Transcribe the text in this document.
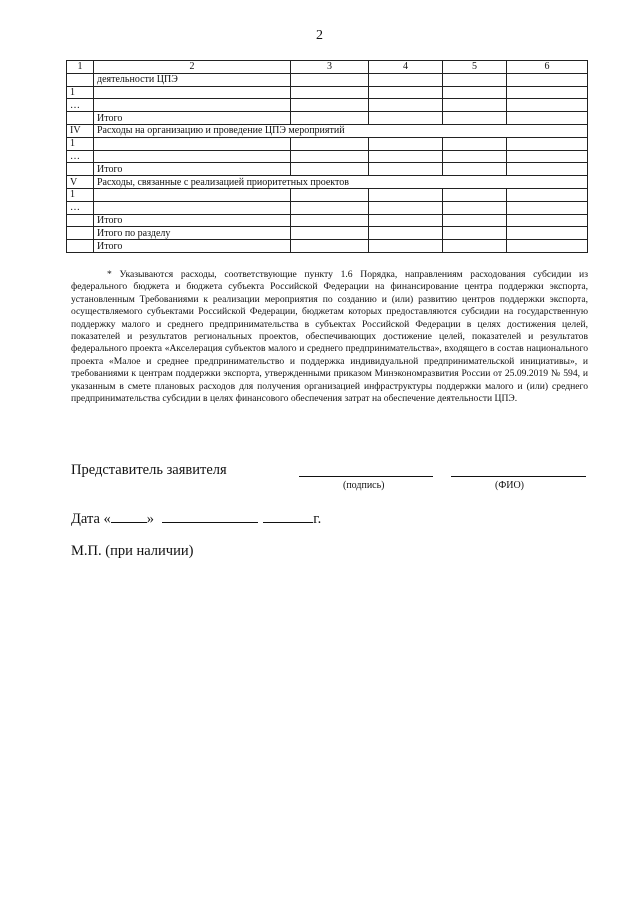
2
1	2	3	4	5	6
	деятельности ЦПЭ				
1					
…					
	Итого				
IV	Расходы на организацию и проведение ЦПЭ мероприятий				
1					
…					
	Итого				
V	Расходы, связанные с реализацией приоритетных проектов				
1					
…					
	Итого				
	Итого по разделу				
	Итого				
* Указываются расходы, соответствующие пункту 1.6 Порядка, направлениям расходования субсидии из федерального бюджета и бюджета субъекта Российской Федерации на финансирование центра поддержки экспорта, установленным Требованиями к реализации мероприятия по созданию и (или) развитию центров поддержки экспорта, осуществляемого субъектами Российской Федерации, бюджетам которых предоставляются субсидии на государственную поддержку малого и среднего предпринимательства в субъектах Российской Федерации в целях достижения целей, показателей и результатов региональных проектов, обеспечивающих достижение целей, показателей и результатов федерального проекта «Акселерация субъектов малого и среднего предпринимательства», входящего в состав национального проекта «Малое и среднее предпринимательство и поддержка индивидуальной предпринимательской инициативы», и требованиями к центрам поддержки экспорта, утвержденными приказом Минэкономразвития России от 25.09.2019 № 594, и указанным в смете плановых расходов для получения организацией инфраструктуры поддержки малого и (или) среднего предпринимательства субсидии в целях финансового обеспечения затрат на обеспечение деятельности ЦПЭ.
Представитель заявителя
(подпись)	(ФИО)
Дата « »	г.
М.П. (при наличии)
